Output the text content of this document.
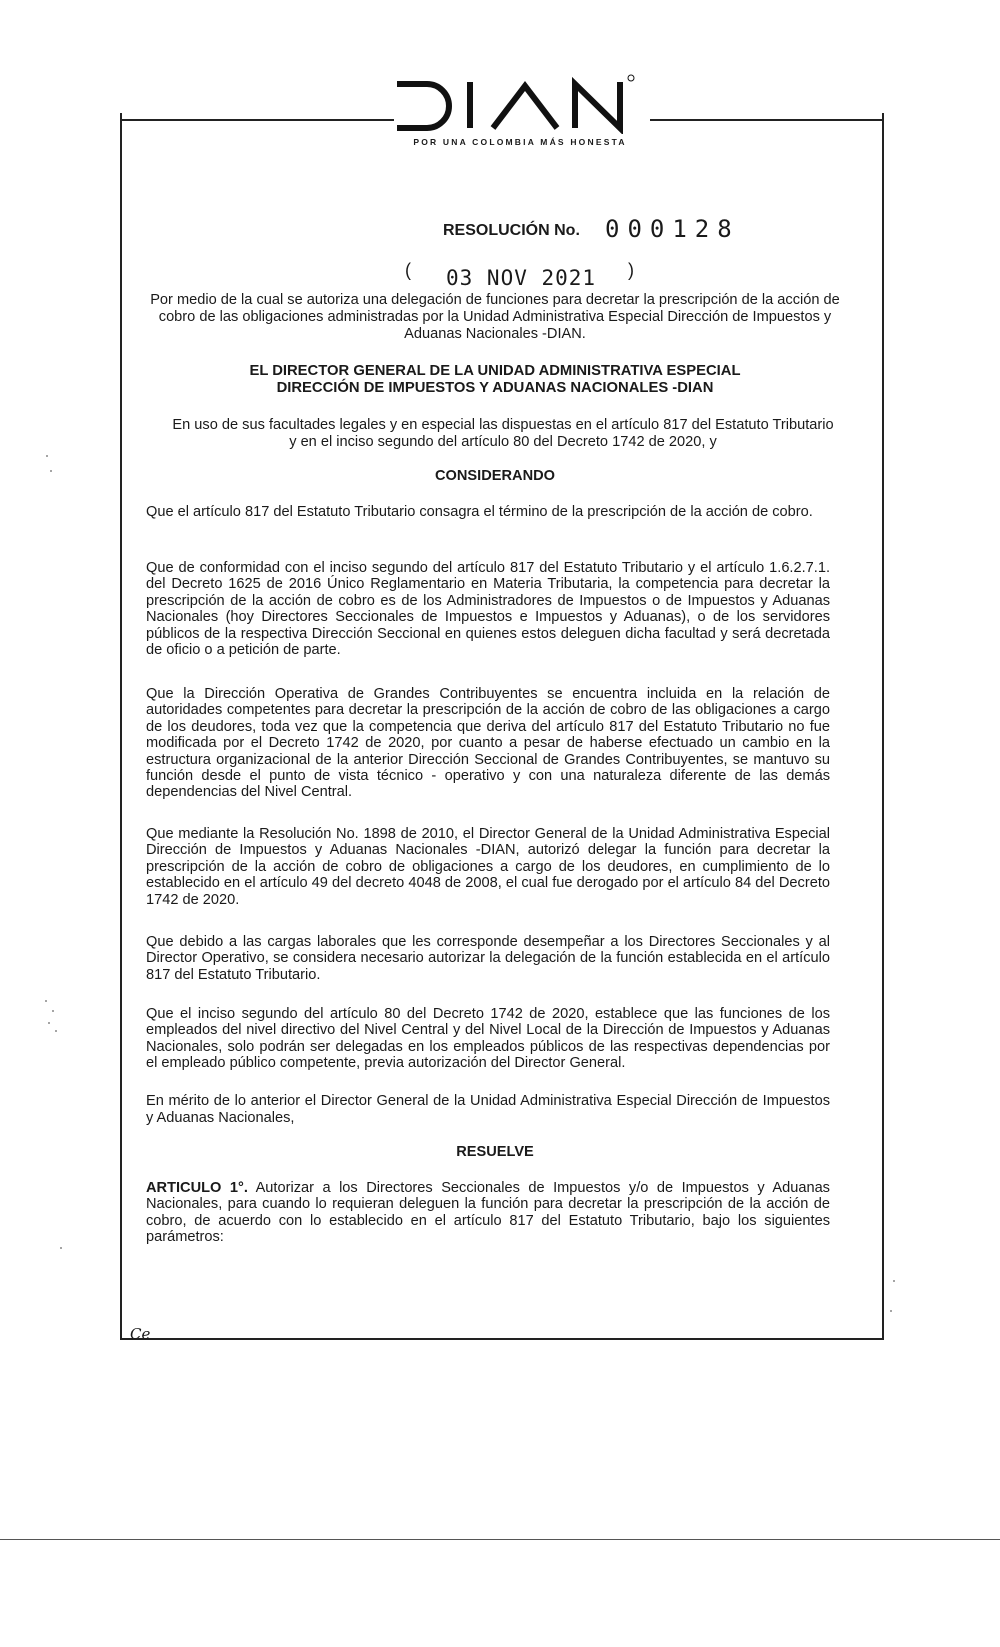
POR UNA COLOMBIA MÁS HONESTA
RESOLUCIÓN No. 000128
( 03 NOV 2021 )
Por medio de la cual se autoriza una delegación de funciones para decretar la prescripción de la acción de cobro de las obligaciones administradas por la Unidad Administrativa Especial Dirección de Impuestos y Aduanas Nacionales -DIAN.
EL DIRECTOR GENERAL DE LA UNIDAD ADMINISTRATIVA ESPECIAL
DIRECCIÓN DE IMPUESTOS Y ADUANAS NACIONALES -DIAN
En uso de sus facultades legales y en especial las dispuestas en el artículo 817 del Estatuto Tributario y en el inciso segundo del artículo 80 del Decreto 1742 de 2020, y
CONSIDERANDO
Que el artículo 817 del Estatuto Tributario consagra el término de la prescripción de la acción de cobro.
Que de conformidad con el inciso segundo del artículo 817 del Estatuto Tributario y el artículo 1.6.2.7.1. del Decreto 1625 de 2016 Único Reglamentario en Materia Tributaria, la competencia para decretar la prescripción de la acción de cobro es de los Administradores de Impuestos o de Impuestos y Aduanas Nacionales (hoy Directores Seccionales de Impuestos e Impuestos y Aduanas), o de los servidores públicos de la respectiva Dirección Seccional en quienes estos deleguen dicha facultad y será decretada de oficio o a petición de parte.
Que la Dirección Operativa de Grandes Contribuyentes se encuentra incluida en la relación de autoridades competentes para decretar la prescripción de la acción de cobro de las obligaciones a cargo de los deudores, toda vez que la competencia que deriva del artículo 817 del Estatuto Tributario no fue modificada por el Decreto 1742 de 2020, por cuanto a pesar de haberse efectuado un cambio en la estructura organizacional de la anterior Dirección Seccional de Grandes Contribuyentes, se mantuvo su función desde el punto de vista técnico - operativo y con una naturaleza diferente de las demás dependencias del Nivel Central.
Que mediante la Resolución No. 1898 de 2010, el Director General de la Unidad Administrativa Especial Dirección de Impuestos y Aduanas Nacionales -DIAN, autorizó delegar la función para decretar la prescripción de la acción de cobro de obligaciones a cargo de los deudores, en cumplimiento de lo establecido en el artículo 49 del decreto 4048 de 2008, el cual fue derogado por el artículo 84 del Decreto 1742 de 2020.
Que debido a las cargas laborales que les corresponde desempeñar a los Directores Seccionales y al Director Operativo, se considera necesario autorizar la delegación de la función establecida en el artículo 817 del Estatuto Tributario.
Que el inciso segundo del artículo 80 del Decreto 1742 de 2020, establece que las funciones de los empleados del nivel directivo del Nivel Central y del Nivel Local de la Dirección de Impuestos y Aduanas Nacionales, solo podrán ser delegadas en los empleados públicos de las respectivas dependencias por el empleado público competente, previa autorización del Director General.
En mérito de lo anterior el Director General de la Unidad Administrativa Especial Dirección de Impuestos y Aduanas Nacionales,
RESUELVE
ARTICULO 1°. Autorizar a los Directores Seccionales de Impuestos y/o de Impuestos y Aduanas Nacionales, para cuando lo requieran deleguen la función para decretar la prescripción de la acción de cobro, de acuerdo con lo establecido en el artículo 817 del Estatuto Tributario, bajo los siguientes parámetros:
Ce
